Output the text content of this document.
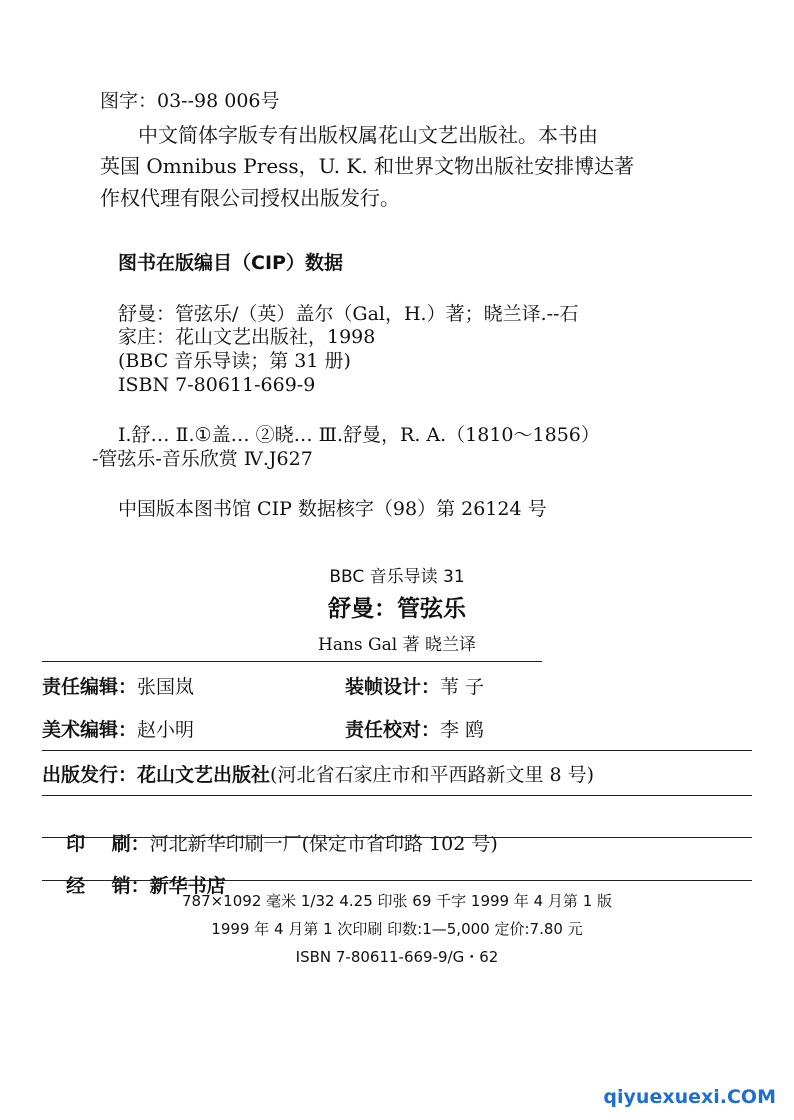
图字：03--98 006号
中文简体字版专有出版权属花山文艺出版社。本书由
英国 Omnibus Press，U. K. 和世界文物出版社安排博达著
作权代理有限公司授权出版发行。
图书在版编目（CIP）数据
舒曼：管弦乐/（英）盖尔（Gal，H.）著；晓兰译.--石
家庄：花山文艺出版社，1998
(BBC 音乐导读；第 31 册)
ISBN 7-80611-669-9
I.舒… Ⅱ.①盖… ②晓… Ⅲ.舒曼，R. A.（1810～1856）
-管弦乐-音乐欣赏 Ⅳ.J627
中国版本图书馆 CIP 数据核字（98）第 26124 号
BBC 音乐导读 31
舒曼：管弦乐
Hans Gal 著 晓兰译
责任编辑：张国岚	装帧设计：苇 子
美术编辑：赵小明	责任校对：李 鸥
出版发行：花山文艺出版社(河北省石家庄市和平西路新文里 8 号)

印    刷：河北新华印刷一厂(保定市省印路 102 号)

经    销：新华书店

787×1092 毫米 1/32 4.25 印张 69 千字 1999 年 4 月第 1 版
1999 年 4 月第 1 次印刷 印数:1—5,000 定价:7.80 元
ISBN 7-80611-669-9/G・62
qiyuexuexi.COM
